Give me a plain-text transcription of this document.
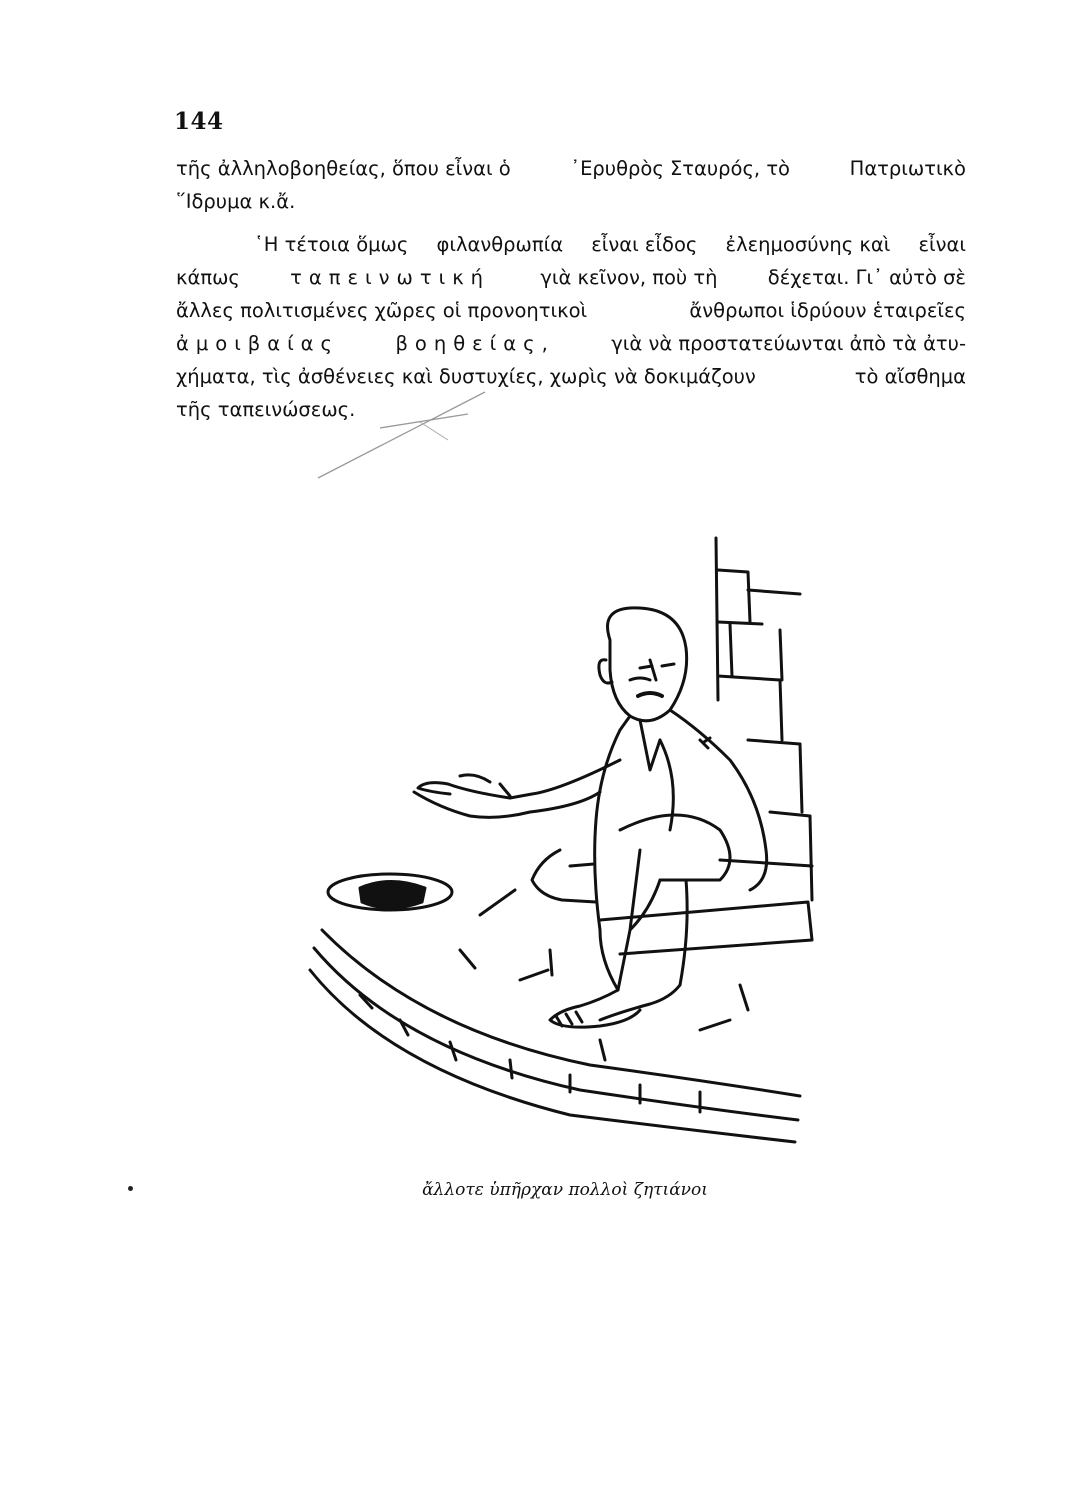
144
τῆς ἀλληλοβοηθείας, ὅπου εἶναι ὁ	᾿Ερυθρὸς Σταυρός, τὸ	Πατριωτικὸ
῞Ιδρυμα κ.ἄ.
῾Η τέτοια ὅμως φιλανθρωπία εἶναι εἶδος ἐλεημοσύνης καὶ εἶναι
κάπως	ταπεινωτική	γιὰ κεῖνον, ποὺ τὴ	δέχεται. Γι᾿ αὐτὸ σὲ
ἄλλες πολιτισμένες χῶρες οἱ προνοητικοὶ	ἄνθρωποι ἱδρύουν ἑταιρεῖες
ἀμοιβαίας	βοηθείας,	γιὰ νὰ προστατεύωνται ἀπὸ τὰ ἀτυ-
χήματα, τὶς ἀσθένειες καὶ δυστυχίες, χωρὶς νὰ δοκιμάζουν	τὸ αἴσθημα
τῆς ταπεινώσεως.
ἄλλοτε ὑπῆρχαν πολλοὶ ζητιάνοι
